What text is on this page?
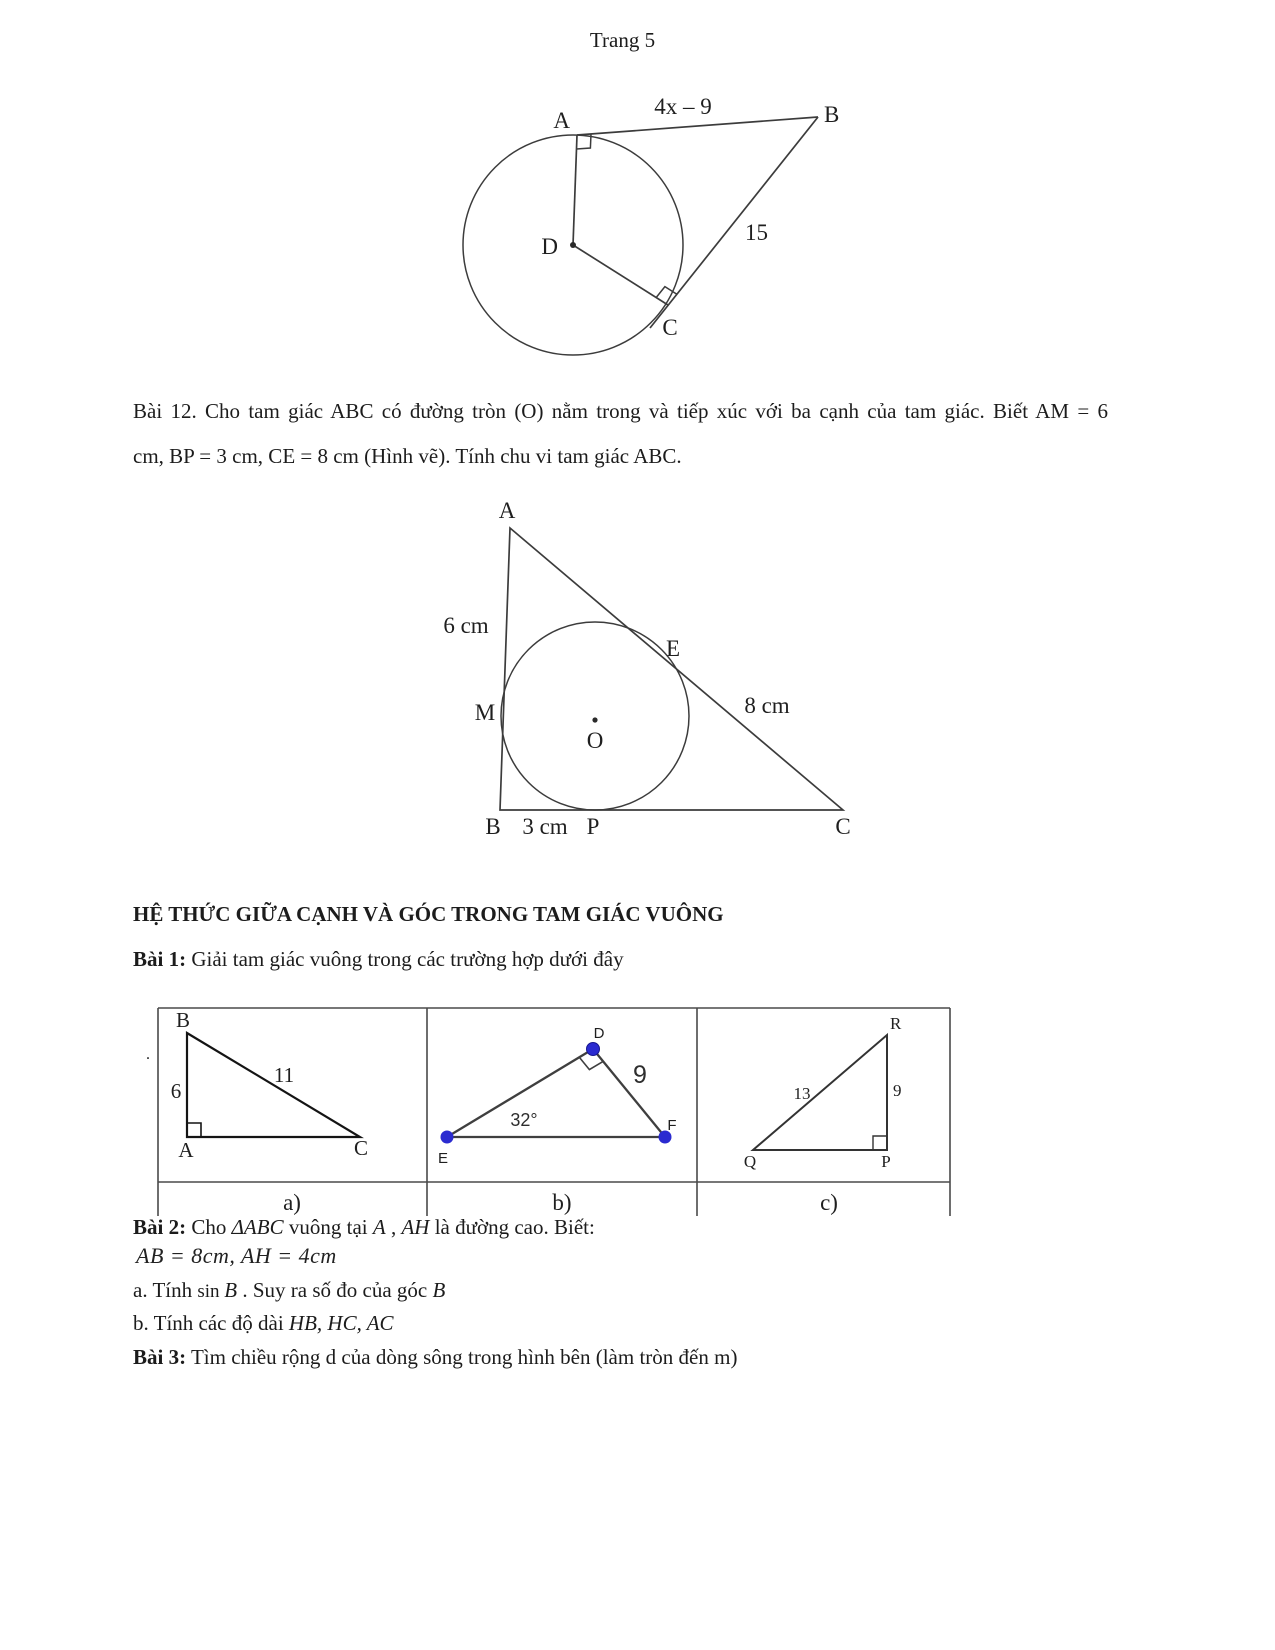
Trang 5
A	B
C
D
4x – 9
15
Bài 12. Cho tam giác ABC có đường tròn (O) nằm trong và tiếp xúc với ba cạnh của tam giác. Biết AM = 6
cm, BP = 3 cm, CE = 8 cm (Hình vẽ). Tính chu vi tam giác ABC.
A
6 cm
M
E
8 cm
O
B 3 cm P	C
HỆ THỨC GIỮA CẠNH VÀ GÓC TRONG TAM GIÁC VUÔNG
Bài 1: Giải tam giác vuông trong các trường hợp dưới đây
.
B
A	C
6
11
D
E
F
9
32°
R
Q	P
13	9
a)	b)	c)
Bài 2: Cho ΔABC vuông tại A , AH là đường cao. Biết:
AB = 8cm, AH = 4cm
a. Tính sin B . Suy ra số đo của góc B
b. Tính các độ dài HB, HC, AC
Bài 3: Tìm chiều rộng d của dòng sông trong hình bên (làm tròn đến m)
